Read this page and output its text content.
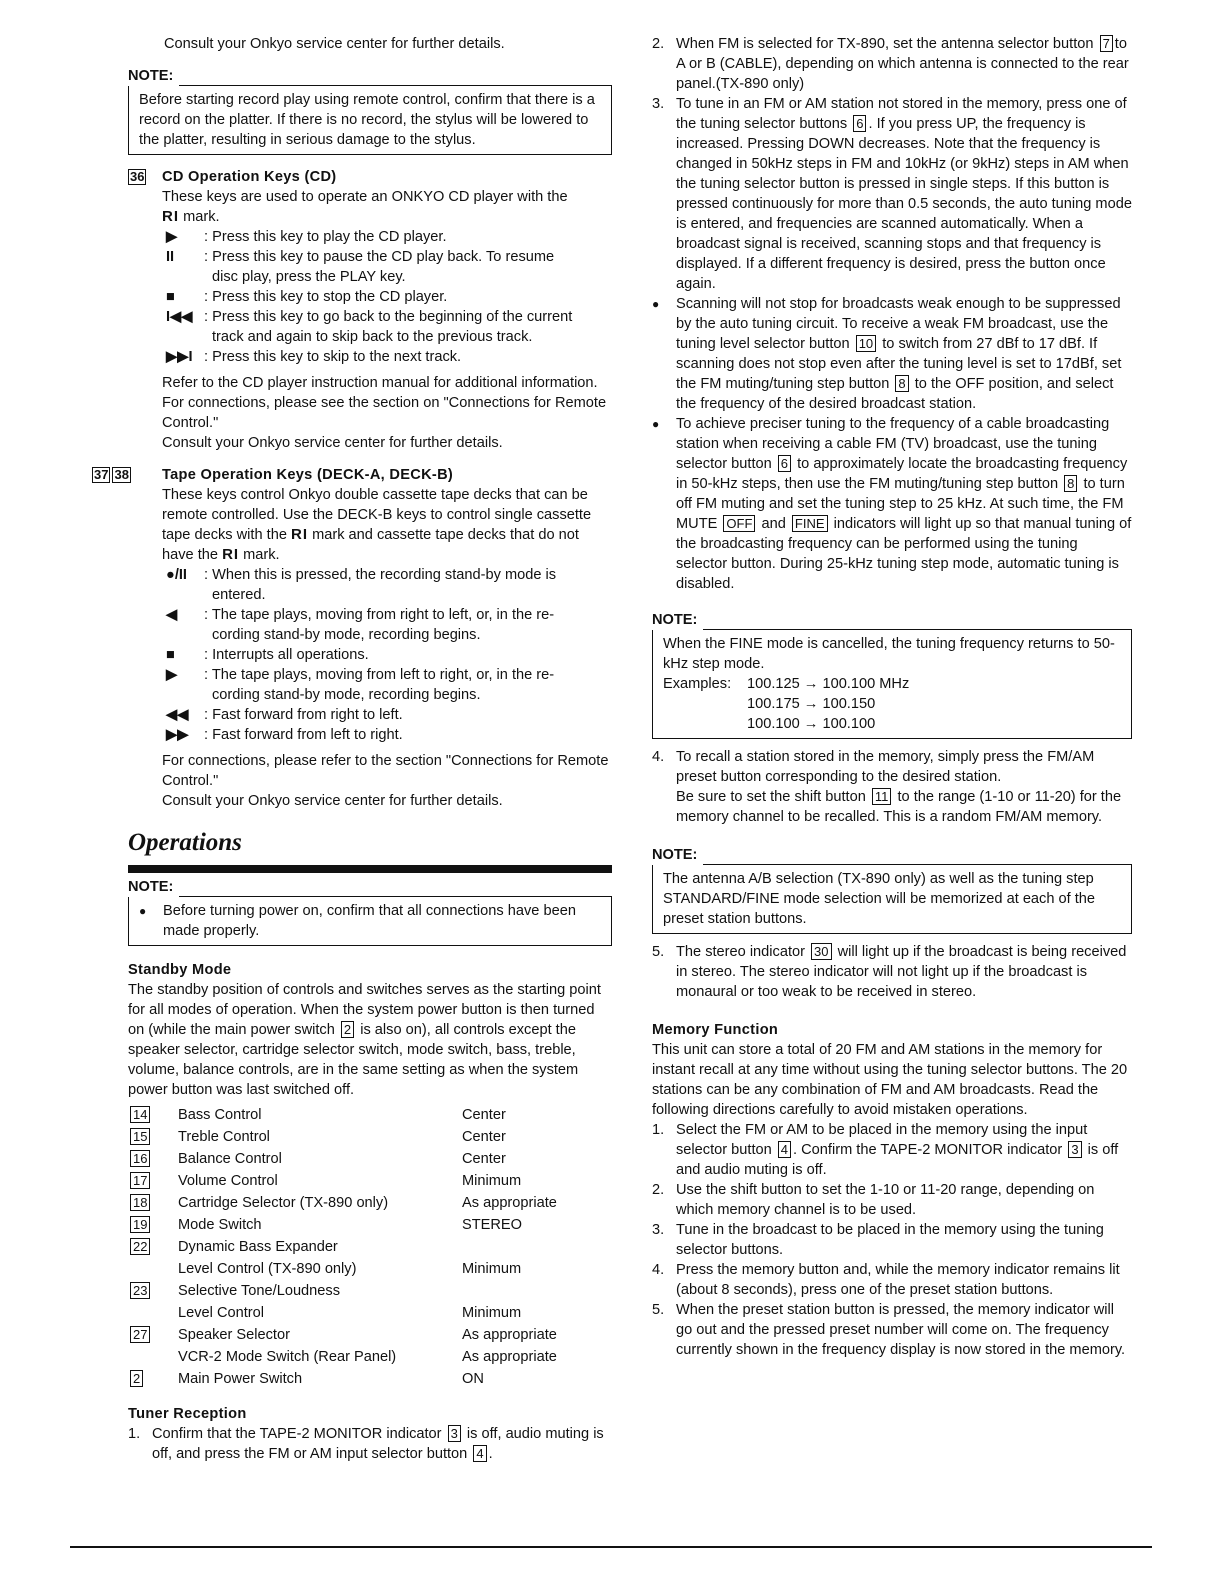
Consult your Onkyo service center for further details.

NOTE:

Before starting record play using remote control, confirm that there is a record on the platter. If there is no record, the stylus will be lowered to the platter, resulting in serious damage to the stylus.

36	CD Operation Keys (CD)

These keys are used to operate an ONKYO CD player with the
RI mark.

▶	: Press this key to play the CD player.
II	: Press this key to pause the CD play back. To resume
disc play, press the PLAY key.
■	: Press this key to stop the CD player.
I◀◀ : Press this key to go back to the beginning of the current
track and again to skip back to the previous track.
▶▶I : Press this key to skip to the next track.

Refer to the CD player instruction manual for additional information.

For connections, please see the section on "Connections for Remote Control."

Consult your Onkyo service center for further details.

37 38	Tape Operation Keys (DECK-A, DECK-B)

These keys control Onkyo double cassette tape decks that can be remote controlled. Use the DECK-B keys to control single cassette tape decks with the RI mark and cassette tape decks that do not have the RI mark.

●/II	: When this is pressed, the recording stand-by mode is
entered.
◀	: The tape plays, moving from right to left, or, in the re-
cording stand-by mode, recording begins.
■	: Interrupts all operations.
▶	: The tape plays, moving from left to right, or, in the re-
cording stand-by mode, recording begins.
◀◀	: Fast forward from right to left.
▶▶	: Fast forward from left to right.

For connections, please refer to the section "Connections for Remote Control."

Consult your Onkyo service center for further details.

Operations
NOTE:
●	Before turning power on, confirm that all connections have been made properly.

Standby Mode

The standby position of controls and switches serves as the starting point for all modes of operation. When the system power button is then turned on (while the main power switch 2 is also on), all controls except the speaker selector, cartridge selector switch, mode switch, bass, treble, volume, balance controls, are in the same setting as when the system power button was last switched off.

14	Bass Control	Center
15	Treble Control	Center
16	Balance Control	Center
17	Volume Control	Minimum
18	Cartridge Selector (TX-890 only)	As appropriate
19	Mode Switch	STEREO
22	Dynamic Bass Expander
Level Control (TX-890 only)	Minimum
23	Selective Tone/Loudness
Level Control	Minimum
27	Speaker Selector	As appropriate
VCR-2 Mode Switch (Rear Panel)	As appropriate
2	Main Power Switch	ON

Tuner Reception

1. Confirm that the TAPE-2 MONITOR indicator 3 is off, audio muting is off, and press the FM or AM input selector button 4 .
2. When FM is selected for TX-890, set the antenna selector button 7 to A or B (CABLE), depending on which antenna is connected to the rear panel.(TX-890 only)
3. To tune in an FM or AM station not stored in the memory, press one of the tuning selector buttons 6 . If you press UP, the frequency is increased. Pressing DOWN decreases. Note that the frequency is changed in 50kHz steps in FM and 10kHz (or 9kHz) steps in AM when the tuning selector button is pressed in single steps. If this button is pressed continuously for more than 0.5 seconds, the auto tuning mode is entered, and frequencies are scanned automatically. When a broadcast signal is received, scanning stops and that frequency is displayed. If a different frequency is desired, press the button once again.
●	Scanning will not stop for broadcasts weak enough to be suppressed by the auto tuning circuit. To receive a weak FM broadcast, use the tuning level selector button 10 to switch from 27 dBf to 17 dBf. If scanning does not stop even after the tuning level is set to 17dBf, set the FM muting/tuning step button 8 to the OFF position, and select the frequency of the desired broadcast station.
●	To achieve preciser tuning to the frequency of a cable broadcasting station when receiving a cable FM (TV) broadcast, use the tuning selector button 6 to approximately locate the broadcasting frequency in 50-kHz steps, then use the FM muting/tuning step button 8 to turn off FM muting and set the tuning step to 25 kHz. At such time, the FM MUTE OFF and FINE indicators will light up so that manual tuning of the broadcasting frequency can be performed using the tuning selector button. During 25-kHz tuning step mode, automatic tuning is disabled.
NOTE:

When the FINE mode is cancelled, the tuning frequency returns to 50-kHz step mode.

Examples:	100.125 → 100.100 MHz
100.175 → 100.150
100.100 → 100.100
4. To recall a station stored in the memory, simply press the FM/AM preset button corresponding to the desired station.
Be sure to set the shift button 11 to the range (1-10 or 11-20) for the memory channel to be recalled. This is a random FM/AM memory.
NOTE:

The antenna A/B selection (TX-890 only) as well as the tuning step STANDARD/FINE mode selection will be memorized at each of the preset station buttons.

5. The stereo indicator 30 will light up if the broadcast is being received in stereo. The stereo indicator will not light up if the broadcast is monaural or too weak to be received in stereo.

Memory Function

This unit can store a total of 20 FM and AM stations in the memory for instant recall at any time without using the tuning selector buttons. The 20 stations can be any combination of FM and AM broadcasts. Read the following directions carefully to avoid mistaken operations.

1. Select the FM or AM to be placed in the memory using the input selector button 4 . Confirm the TAPE-2 MONITOR indicator 3 is off and audio muting is off.
2. Use the shift button to set the 1-10 or 11-20 range, depending on which memory channel is to be used.
3. Tune in the broadcast to be placed in the memory using the tuning selector buttons.
4. Press the memory button and, while the memory indicator remains lit (about 8 seconds), press one of the preset station buttons.
5. When the preset station button is pressed, the memory indicator will go out and the pressed preset number will come on. The frequency currently shown in the frequency display is now stored in the memory.
